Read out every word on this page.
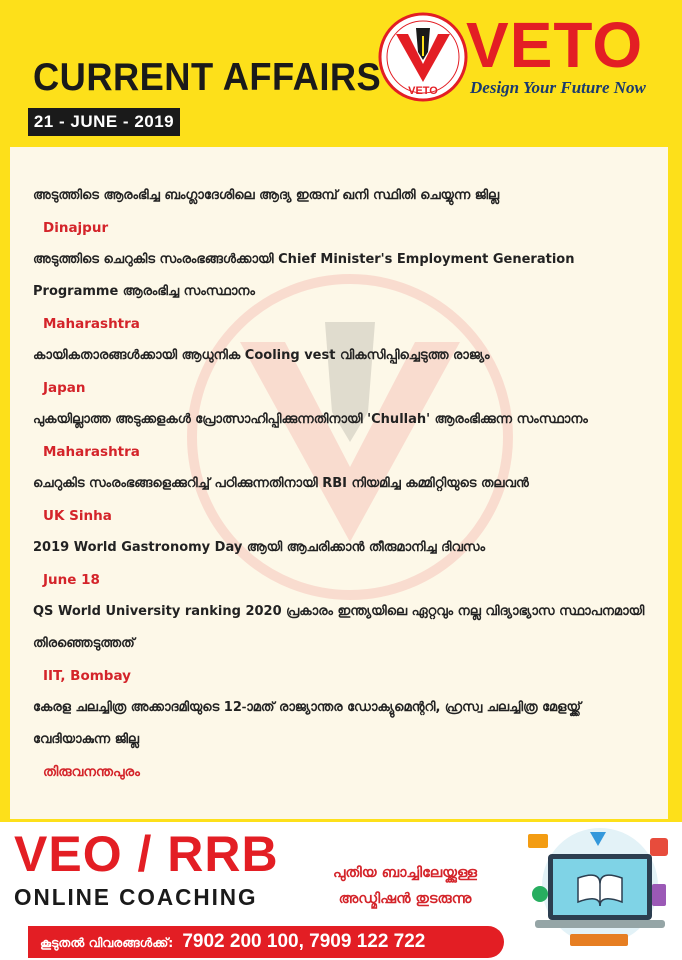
CURRENT AFFAIRS
21 - JUNE - 2019
VETO
VETO
Design Your Future Now
അടുത്തിടെ ആരംഭിച്ച ബംഗ്ലാദേശിലെ ആദ്യ ഇരുമ്പ് ഖനി സ്ഥിതി ചെയ്യുന്ന ജില്ല
Dinajpur
അടുത്തിടെ ചെറുകിട സംരംഭങ്ങൾക്കായി Chief Minister's Employment Generation Programme ആരംഭിച്ച സംസ്ഥാനം
Maharashtra
കായികതാരങ്ങൾക്കായി ആധുനിക Cooling vest വികസിപ്പിച്ചെടുത്ത രാജ്യം
Japan
പുകയില്ലാത്ത അടുക്കളകൾ പ്രോത്സാഹിപ്പിക്കുന്നതിനായി 'Chullah' ആരംഭിക്കുന്ന സംസ്ഥാനം
Maharashtra
ചെറുകിട സംരംഭങ്ങളെക്കുറിച്ച് പഠിക്കുന്നതിനായി RBI നിയമിച്ച കമ്മിറ്റിയുടെ തലവൻ
UK Sinha
2019 World Gastronomy Day ആയി ആചരിക്കാൻ തീരുമാനിച്ച ദിവസം
June 18
QS World University ranking 2020 പ്രകാരം ഇന്ത്യയിലെ ഏറ്റവും നല്ല വിദ്യാഭ്യാസ സ്ഥാപനമായി തിരഞ്ഞെടുത്തത്
IIT, Bombay
കേരള ചലച്ചിത്ര അക്കാദമിയുടെ 12-ാമത് രാജ്യാന്തര ഡോക്യുമെന്ററി, ഹ്രസ്വ ചലച്ചിത്ര മേളയ്ക്ക് വേദിയാകുന്ന ജില്ല
തിരുവനന്തപുരം
VEO / RRB
ONLINE COACHING
പുതിയ ബാച്ചിലേയ്ക്കുള്ള
അഡ്മിഷൻ തുടരുന്നു
കൂടുതൽ വിവരങ്ങൾക്ക്: 7902 200 100, 7909 122 722
